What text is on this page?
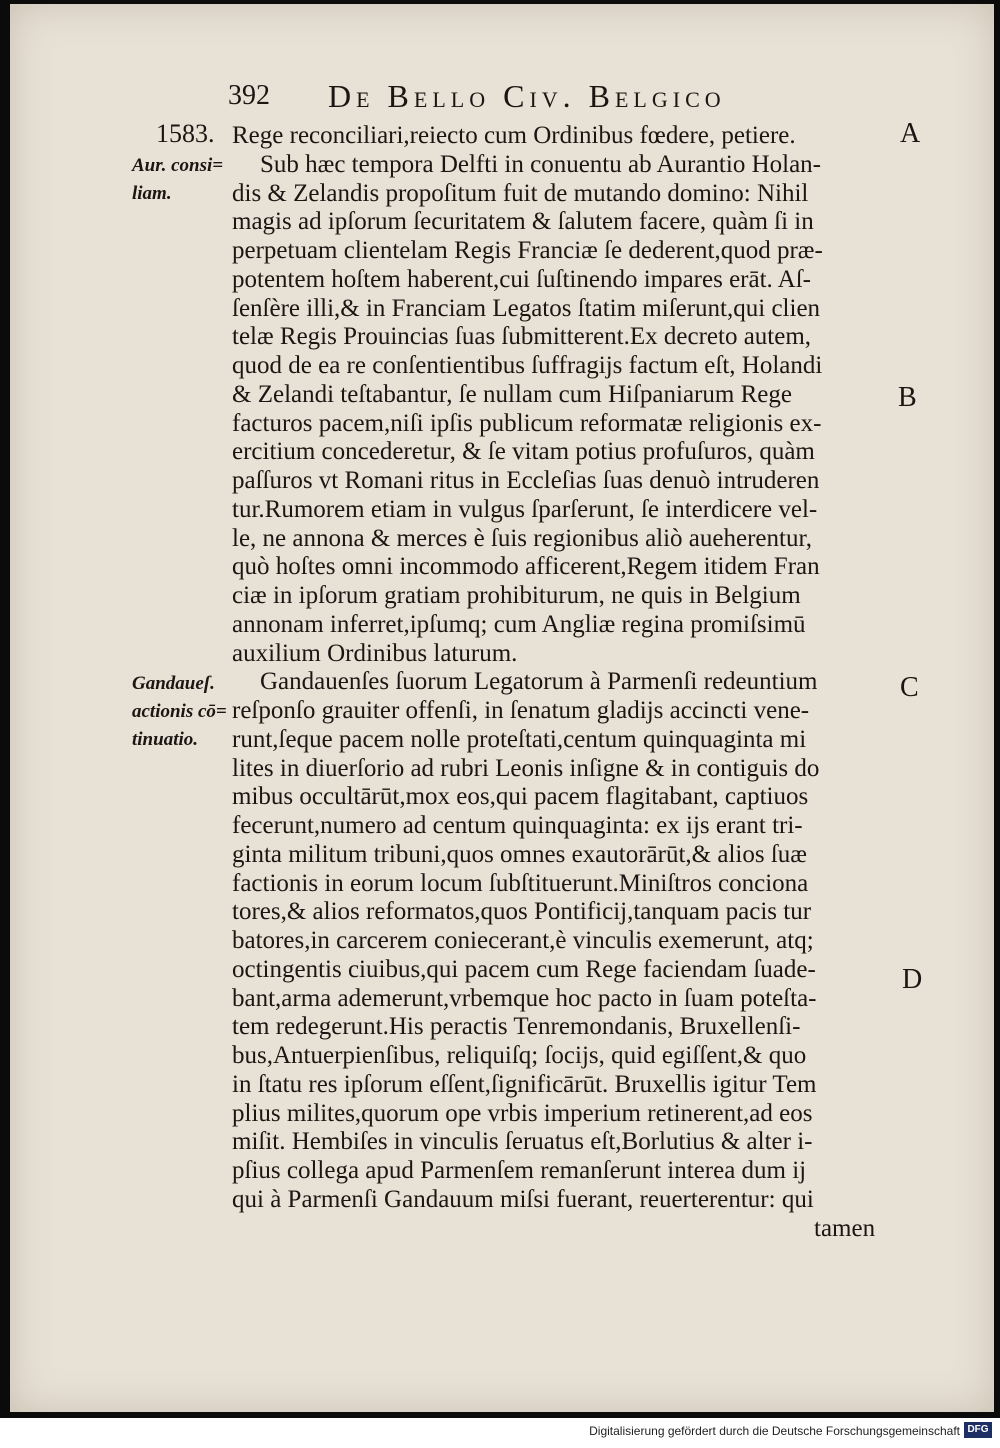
392 De Bello Civ. Belgico
1583.
Aur. consi=
liam.
Gandaueſ.
actionis cō=
tinuatio.
A
B
C
D
Rege reconciliari,reiecto cum Ordinibus fœdere, petiere.
Sub hæc tempora Delfti in conuentu ab Aurantio Holan-
dis & Zelandis propoſitum fuit de mutando domino: Nihil
magis ad ipſorum ſecuritatem & ſalutem facere, quàm ſi in
perpetuam clientelam Regis Franciæ ſe dederent,quod præ-
potentem hoſtem haberent,cui ſuſtinendo impares erāt. Aſ-
ſenſère illi,& in Franciam Legatos ſtatim miſerunt,qui clien
telæ Regis Prouincias ſuas ſubmitterent.Ex decreto autem,
quod de ea re conſentientibus ſuffragijs factum eſt, Holandi
& Zelandi teſtabantur, ſe nullam cum Hiſpaniarum Rege
facturos pacem,niſi ipſis publicum reformatæ religionis ex-
ercitium concederetur, & ſe vitam potius profuſuros, quàm
paſſuros vt Romani ritus in Eccleſias ſuas denuò intruderen
tur.Rumorem etiam in vulgus ſparſerunt, ſe interdicere vel-
le, ne annona & merces è ſuis regionibus aliò aueherentur,
quò hoſtes omni incommodo afficerent,Regem itidem Fran
ciæ in ipſorum gratiam prohibiturum, ne quis in Belgium
annonam inferret,ipſumq; cum Angliæ regina promiſsimū
auxilium Ordinibus laturum.
Gandauenſes ſuorum Legatorum à Parmenſi redeuntium
reſponſo grauiter offenſi, in ſenatum gladijs accincti vene-
runt,ſeque pacem nolle proteſtati,centum quinquaginta mi
lites in diuerſorio ad rubri Leonis inſigne & in contiguis do
mibus occultārūt,mox eos,qui pacem flagitabant, captiuos
fecerunt,numero ad centum quinquaginta: ex ijs erant tri-
ginta militum tribuni,quos omnes exautorārūt,& alios ſuæ
factionis in eorum locum ſubſtituerunt.Miniſtros conciona
tores,& alios reformatos,quos Pontificij,tanquam pacis tur
batores,in carcerem coniecerant,è vinculis exemerunt, atq;
octingentis ciuibus,qui pacem cum Rege faciendam ſuade-
bant,arma ademerunt,vrbemque hoc pacto in ſuam poteſta-
tem redegerunt.His peractis Tenremondanis, Bruxellenſi-
bus,Antuerpienſibus, reliquiſq; ſocijs, quid egiſſent,& quo
in ſtatu res ipſorum eſſent,ſignificārūt. Bruxellis igitur Tem
plius milites,quorum ope vrbis imperium retinerent,ad eos
miſit. Hembiſes in vinculis ſeruatus eſt,Borlutius & alter i-
pſius collega apud Parmenſem remanſerunt interea dum ij
qui à Parmenſi Gandauum miſsi fuerant, reuerterentur: qui
tamen
Digitalisierung gefördert durch die Deutsche Forschungsgemeinschaft DFG
